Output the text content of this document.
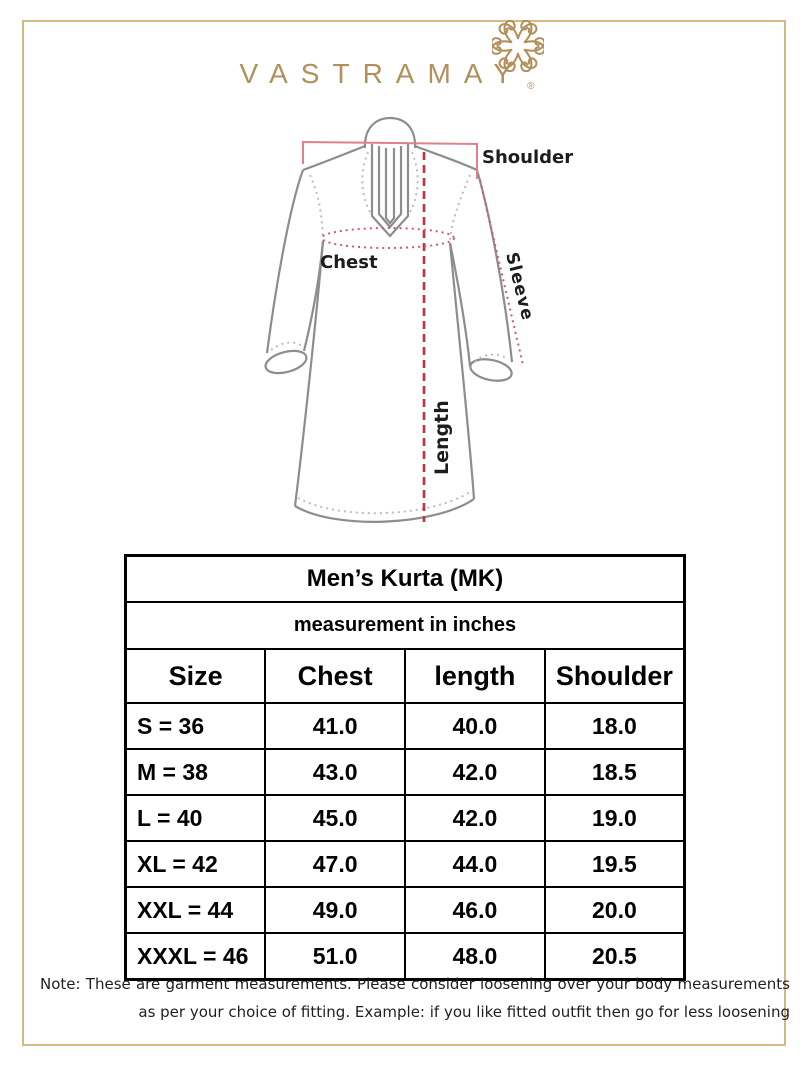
VASTRAMAY $_®$
Shoulder
Chest	Sleeve
Length
Men’s Kurta (MK)			
measurement in inches			
Size	Chest	length	Shoulder
S = 36	41.0	40.0	18.0
M = 38	43.0	42.0	18.5
L = 40	45.0	42.0	19.0
XL = 42	47.0	44.0	19.5
XXL = 44	49.0	46.0	20.0
XXXL = 46	51.0	48.0	20.5
Note: These are garment measurements. Please consider loosening over your body measurements
as per your choice of fitting. Example: if you like fitted outfit then go for less loosening
